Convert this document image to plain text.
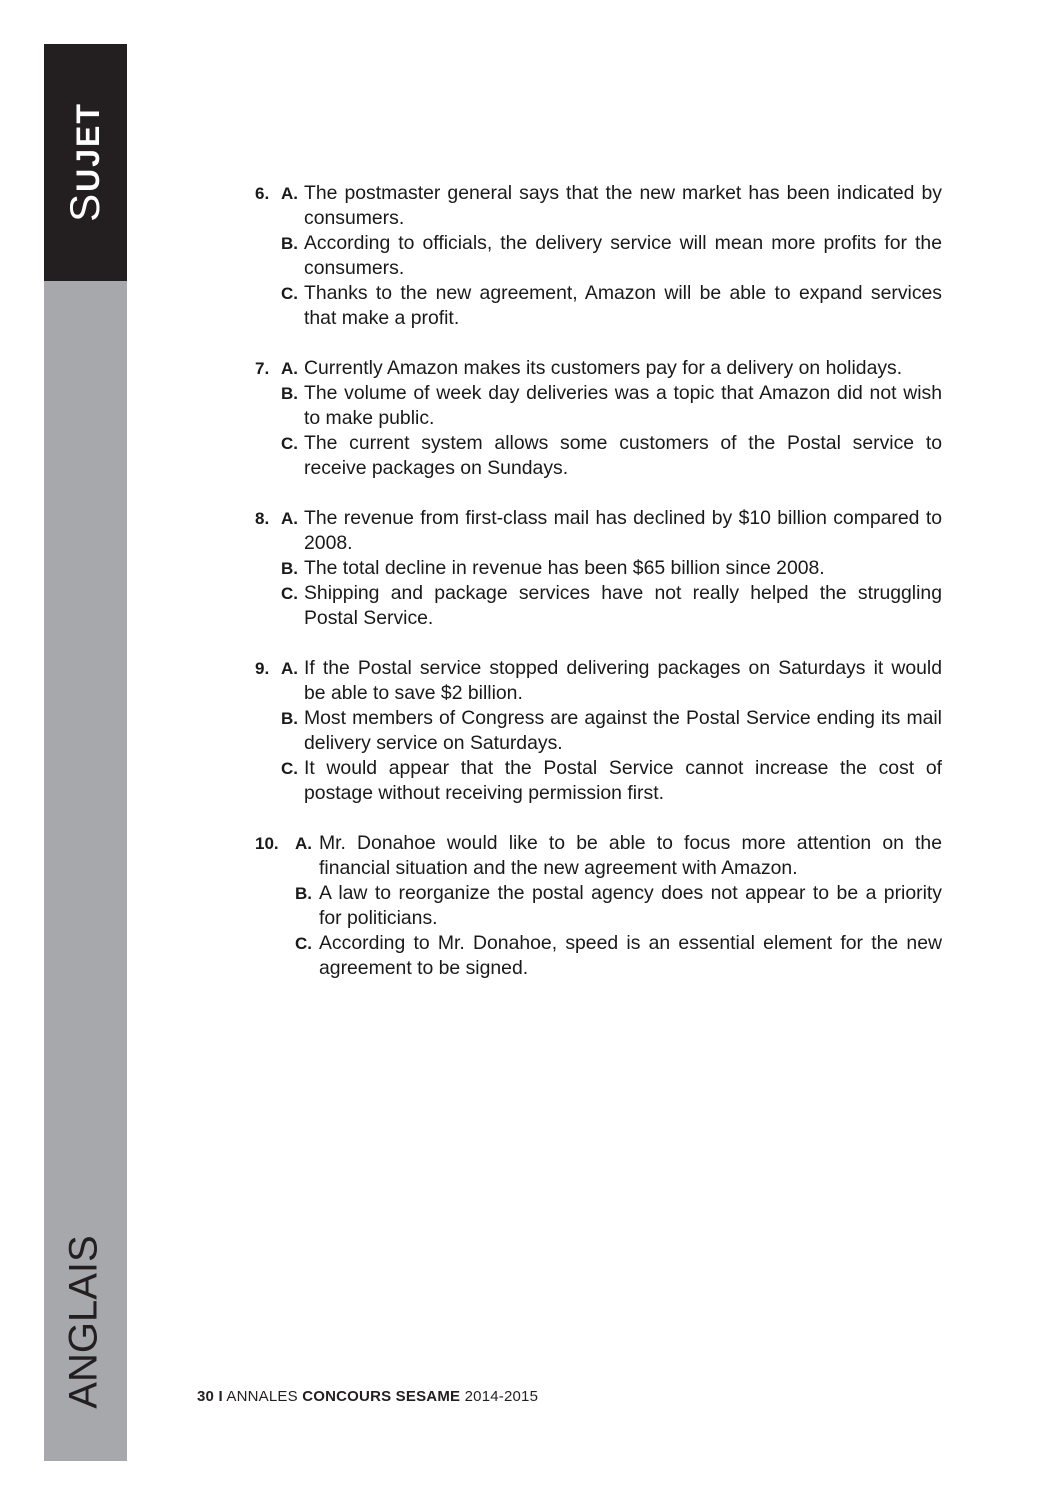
SUJET
ANGLAIS
6. A. The postmaster general says that the new market has been indicated by consumers.
B. According to officials, the delivery service will mean more profits for the consumers.
C. Thanks to the new agreement, Amazon will be able to expand services that make a profit.
7. A. Currently Amazon makes its customers pay for a delivery on holidays.
B. The volume of week day deliveries was a topic that Amazon did not wish to make public.
C. The current system allows some customers of the Postal service to receive packages on Sundays.
8. A. The revenue from first-class mail has declined by $10 billion compared to 2008.
B. The total decline in revenue has been $65 billion since 2008.
C. Shipping and package services have not really helped the struggling Postal Service.
9. A. If the Postal service stopped delivering packages on Saturdays it would be able to save $2 billion.
B. Most members of Congress are against the Postal Service ending its mail delivery service on Saturdays.
C. It would appear that the Postal Service cannot increase the cost of postage without receiving permission first.
10. A. Mr. Donahoe would like to be able to focus more attention on the financial situation and the new agreement with Amazon.
B. A law to reorganize the postal agency does not appear to be a priority for politicians.
C. According to Mr. Donahoe, speed is an essential element for the new agreement to be signed.
30 I ANNALES CONCOURS SESAME 2014-2015
